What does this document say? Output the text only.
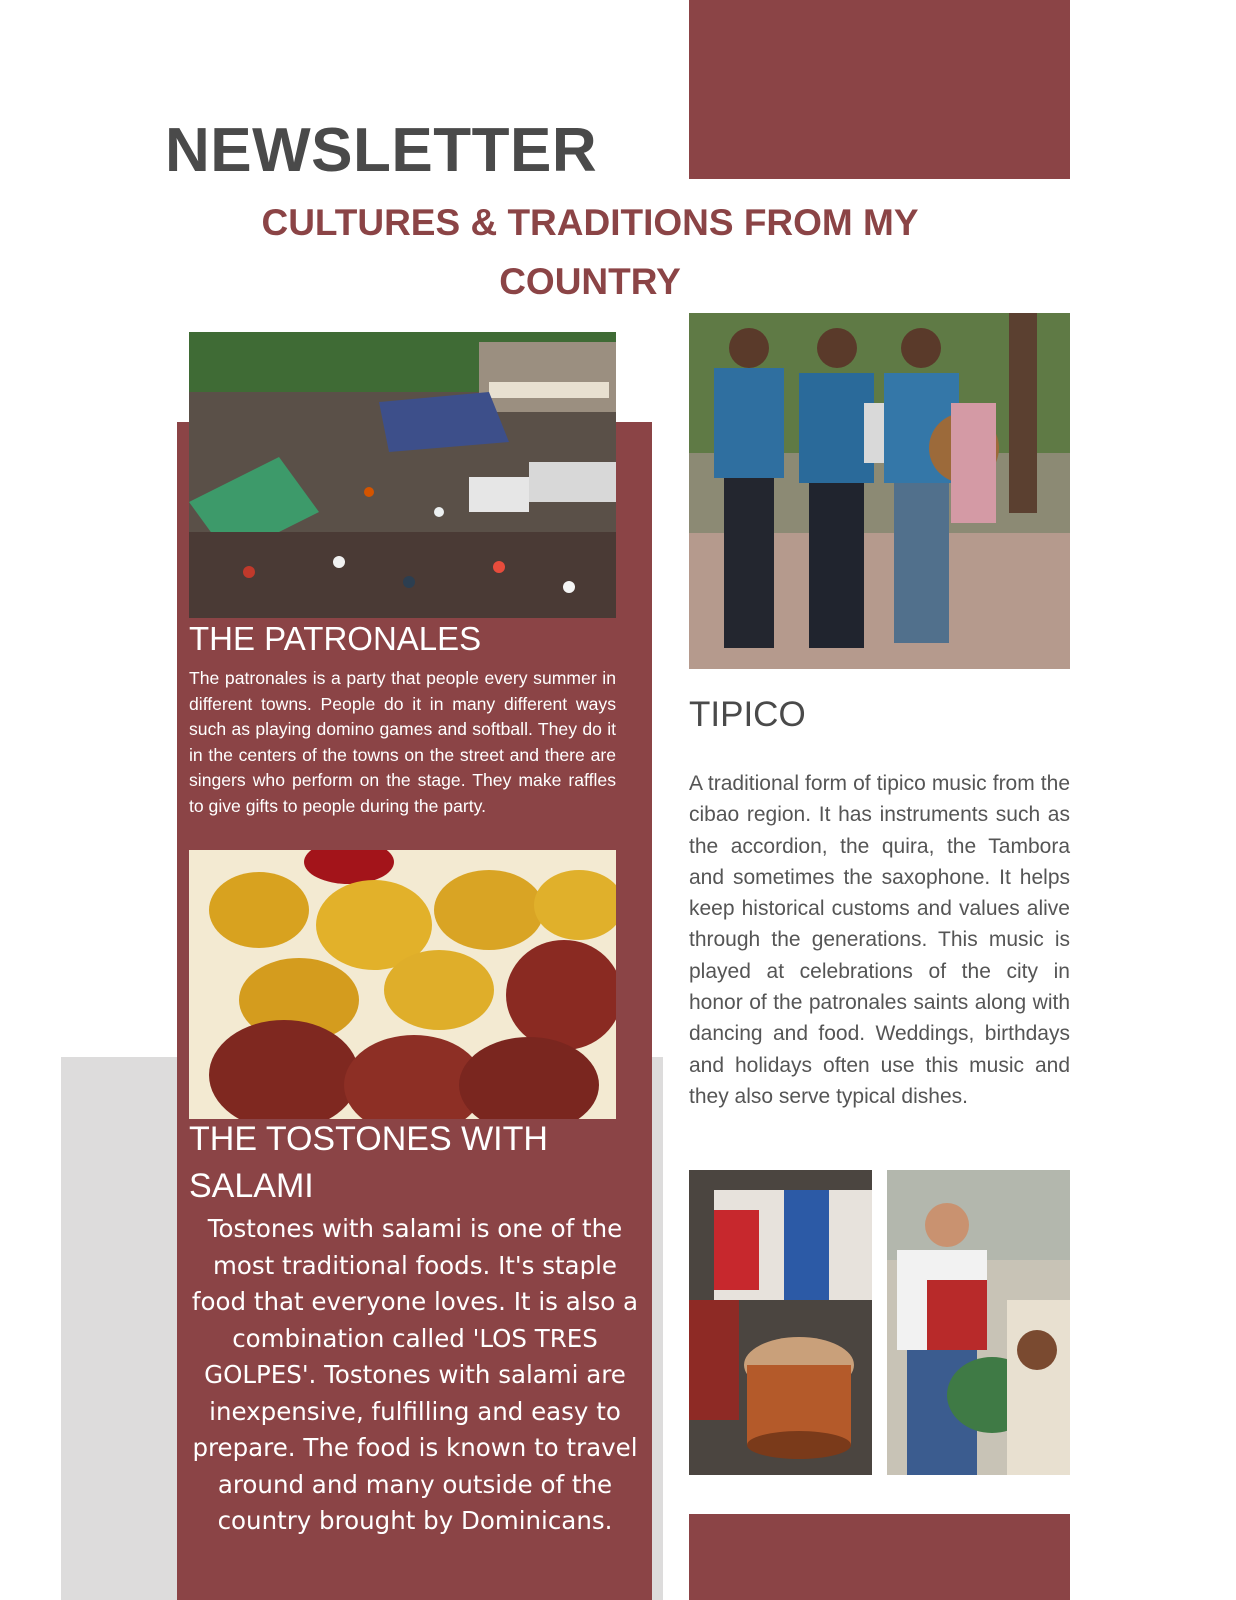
NEWSLETTER
CULTURES & TRADITIONS FROM MY COUNTRY
THE PATRONALES

The patronales is a party that people every summer in different towns. People do it in many different ways such as playing domino games and softball. They do it in the centers of the towns on the street and there are singers who perform on the stage. They make raffles to give gifts to people during the party.

THE TOSTONES WITH SALAMI

Tostones with salami is one of the most traditional foods. It's staple food that everyone loves. It is also a combination called 'LOS TRES GOLPES'. Tostones with salami are inexpensive, fulfilling and easy to prepare. The food is known to travel around and many outside of the country brought by Dominicans.

TIPICO

A traditional form of tipico music from the cibao region. It has instruments such as the accordion, the quira, the Tambora and sometimes the saxophone. It helps keep historical customs and values alive through the generations. This music is played at celebrations of the city in honor of the patronales saints along with dancing and food. Weddings, birthdays and holidays often use this music and they also serve typical dishes.
